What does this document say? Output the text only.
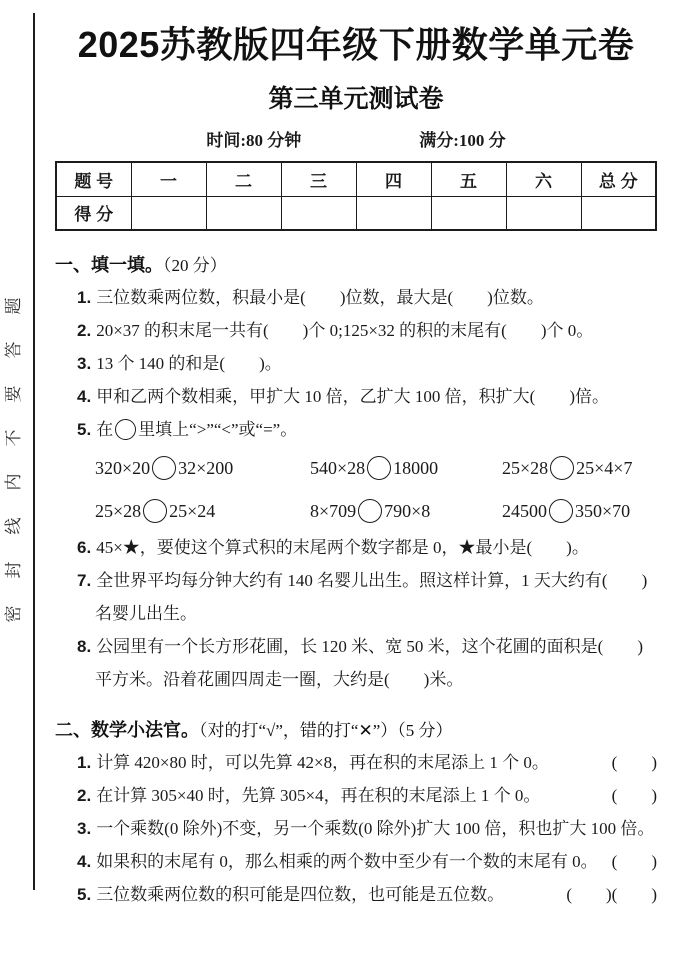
题
答
要
不
内
线
封
密
2025苏教版四年级下册数学单元卷
第三单元测试卷
时间:80 分钟	满分:100 分
题 号	一	二	三	四	五	六	总 分
得 分							
一、填一填。（20 分）
1. 三位数乘两位数，积最小是(　　)位数，最大是(　　)位数。
2. 20×37 的积末尾一共有(　　)个 0;125×32 的积的末尾有(　　)个 0。
3. 13 个 140 的和是(　　)。
4. 甲和乙两个数相乘，甲扩大 10 倍，乙扩大 100 倍，积扩大(　　)倍。
5. 在 里填上“>”“<”或“=”。
320×20 32×200	540×28 18000	25×28 25×4×7
25×28 25×24	8×709 790×8	24500 350×70
6. 45×★，要使这个算式积的末尾两个数字都是 0，★最小是(　　)。
7. 全世界平均每分钟大约有 140 名婴儿出生。照这样计算，1 天大约有(　　)名婴儿出生。
8. 公园里有一个长方形花圃，长 120 米、宽 50 米，这个花圃的面积是(　　)平方米。沿着花圃四周走一圈，大约是(　　)米。
二、数学小法官。（对的打“√”，错的打“✕”）（5 分）
1. 计算 420×80 时，可以先算 42×8，再在积的末尾添上 1 个 0。	(　　)
2. 在计算 305×40 时，先算 305×4，再在积的末尾添上 1 个 0。	(　　)
3. 一个乘数(0 除外)不变，另一个乘数(0 除外)扩大 100 倍，积也扩大 100 倍。
(　　)
4. 如果积的末尾有 0，那么相乘的两个数中至少有一个数的末尾有 0。
(　　)
5. 三位数乘两位数的积可能是四位数，也可能是五位数。	(　　)
